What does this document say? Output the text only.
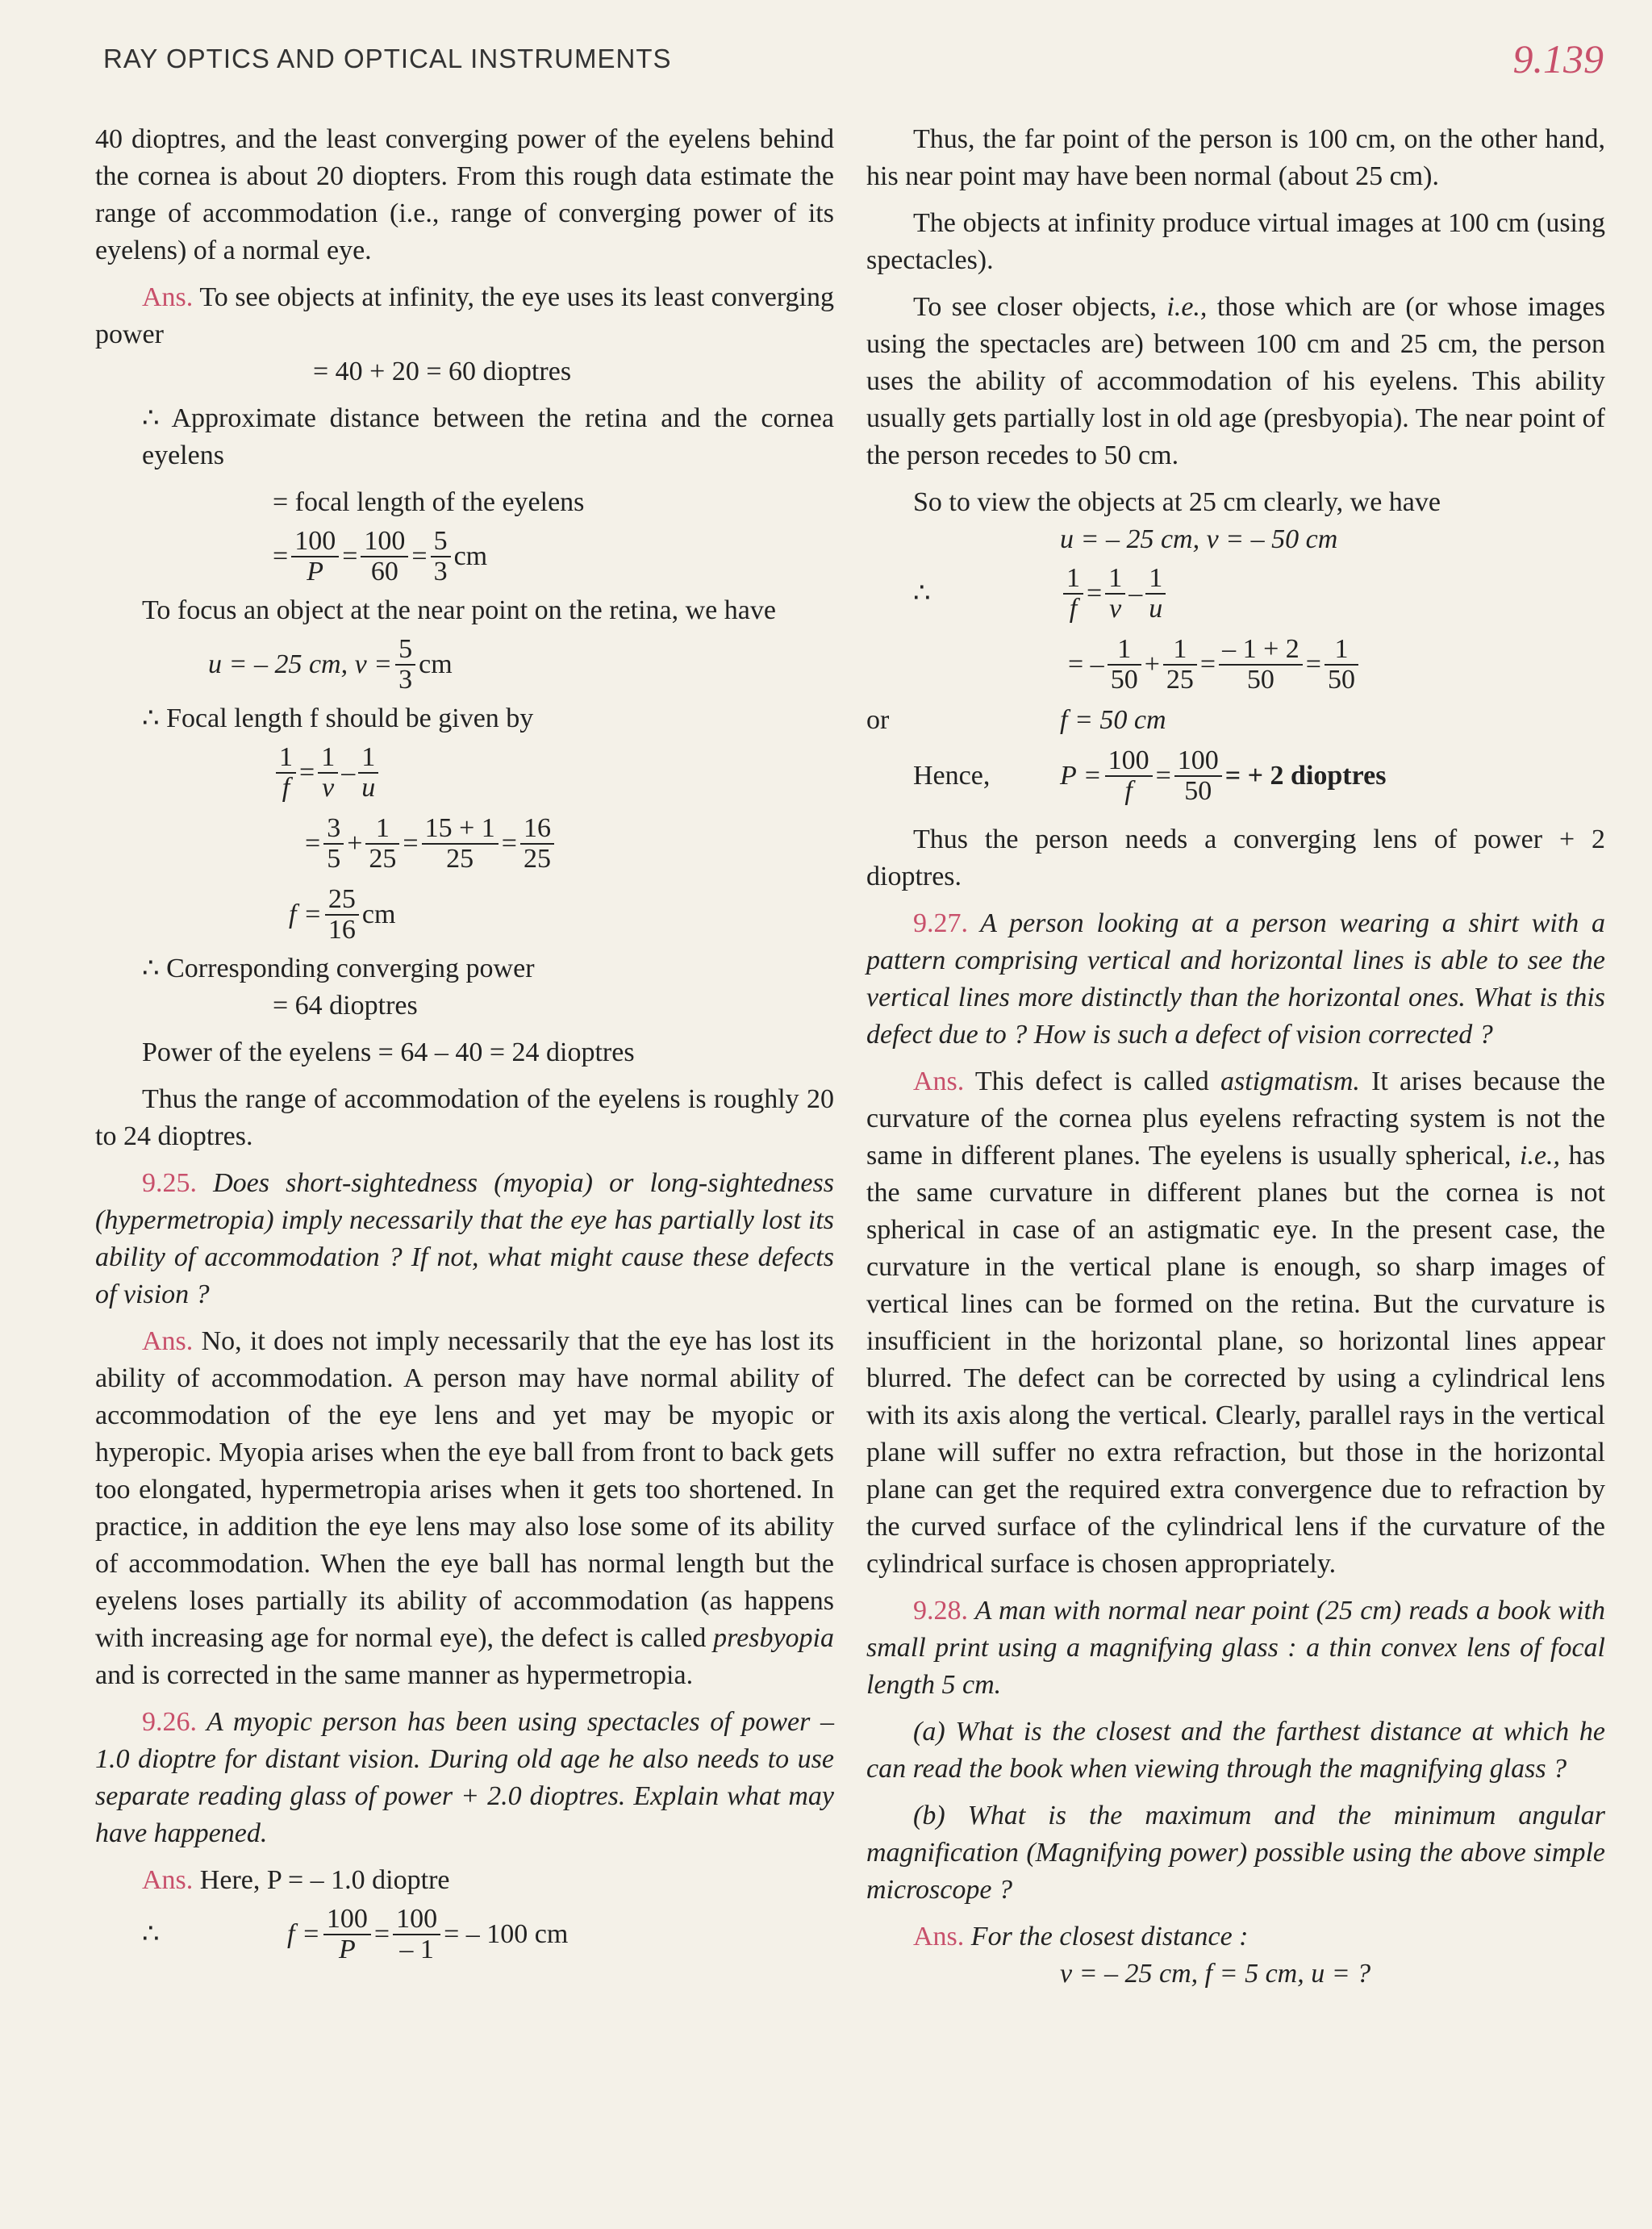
RAY OPTICS AND OPTICAL INSTRUMENTS	9.139

40 dioptres, and the least converging power of the eyelens behind the cornea is about 20 diopters. From this rough data estimate the range of accommodation (i.e., range of converging power of its eyelens) of a normal eye.

Ans. To see objects at infinity, the eye uses its least converging power

= 40 + 20 = 60 dioptres

∴ Approximate distance between the retina and the cornea eyelens

= focal length of the eyelens

= $\frac{100}{P} = \frac{100}{60} = \frac{5}{3}$ cm

To focus an object at the near point on the retina, we have

u = – 25 cm, $v = \frac{5}{3}$ cm

∴ Focal length f should be given by

$\frac{1}{f} = \frac{1}{v} - \frac{1}{u}$
= $\frac{3}{5} + \frac{1}{25} = \frac{15 + 1}{25} = \frac{16}{25}$
$f = \frac{25}{16}$ cm

∴ Corresponding converging power

= 64 dioptres

Power of the eyelens = 64 – 40 = 24 dioptres

Thus the range of accommodation of the eyelens is roughly 20 to 24 dioptres.

9.25. Does short-sightedness (myopia) or long-sightedness (hypermetropia) imply necessarily that the eye has partially lost its ability of accommodation ? If not, what might cause these defects of vision ?

Ans. No, it does not imply necessarily that the eye has lost its ability of accommodation. A person may have normal ability of accommodation of the eye lens and yet may be myopic or hyperopic. Myopia arises when the eye ball from front to back gets too elongated, hypermetropia arises when it gets too shortened. In practice, in addition the eye lens may also lose some of its ability of accommodation. When the eye ball has normal length but the eyelens loses partially its ability of accommodation (as happens with increasing age for normal eye), the defect is called presbyopia and is corrected in the same manner as hypermetropia.

9.26. A myopic person has been using spectacles of power – 1.0 dioptre for distant vision. During old age he also needs to use separate reading glass of power + 2.0 dioptres. Explain what may have happened.

Ans. Here, P = – 1.0 dioptre

∴	$f = \frac{100}{P} = \frac{100}{- 1}$ = – 100 cm

Thus, the far point of the person is 100 cm, on the other hand, his near point may have been normal (about 25 cm).

The objects at infinity produce virtual images at 100 cm (using spectacles).

To see closer objects, i.e., those which are (or whose images using the spectacles are) between 100 cm and 25 cm, the person uses the ability of accommodation of his eyelens. This ability usually gets partially lost in old age (presbyopia). The near point of the person recedes to 50 cm.

So to view the objects at 25 cm clearly, we have

u = – 25 cm, v = – 50 cm

∴	$\frac{1}{f} = \frac{1}{v} - \frac{1}{u}$
= – $\frac{1}{50} + \frac{1}{25} = \frac{- 1 + 2}{50} = \frac{1}{50}$
or	f = 50 cm
Hence,	$P = \frac{100}{f} = \frac{100}{50}$ = + 2 dioptres

Thus the person needs a converging lens of power + 2 dioptres.

9.27. A person looking at a person wearing a shirt with a pattern comprising vertical and horizontal lines is able to see the vertical lines more distinctly than the horizontal ones. What is this defect due to ? How is such a defect of vision corrected ?

Ans. This defect is called astigmatism. It arises because the curvature of the cornea plus eyelens refracting system is not the same in different planes. The eyelens is usually spherical, i.e., has the same curvature in different planes but the cornea is not spherical in case of an astigmatic eye. In the present case, the curvature in the vertical plane is enough, so sharp images of vertical lines can be formed on the retina. But the curvature is insufficient in the horizontal plane, so horizontal lines appear blurred. The defect can be corrected by using a cylindrical lens with its axis along the vertical. Clearly, parallel rays in the vertical plane will suffer no extra refraction, but those in the horizontal plane can get the required extra convergence due to refraction by the curved surface of the cylindrical lens if the curvature of the cylindrical surface is chosen appropriately.

9.28. A man with normal near point (25 cm) reads a book with small print using a magnifying glass : a thin convex lens of focal length 5 cm.

(a) What is the closest and the farthest distance at which he can read the book when viewing through the magnifying glass ?

(b) What is the maximum and the minimum angular magnification (Magnifying power) possible using the above simple microscope ?

Ans. For the closest distance :

v = – 25 cm, f = 5 cm, u = ?
